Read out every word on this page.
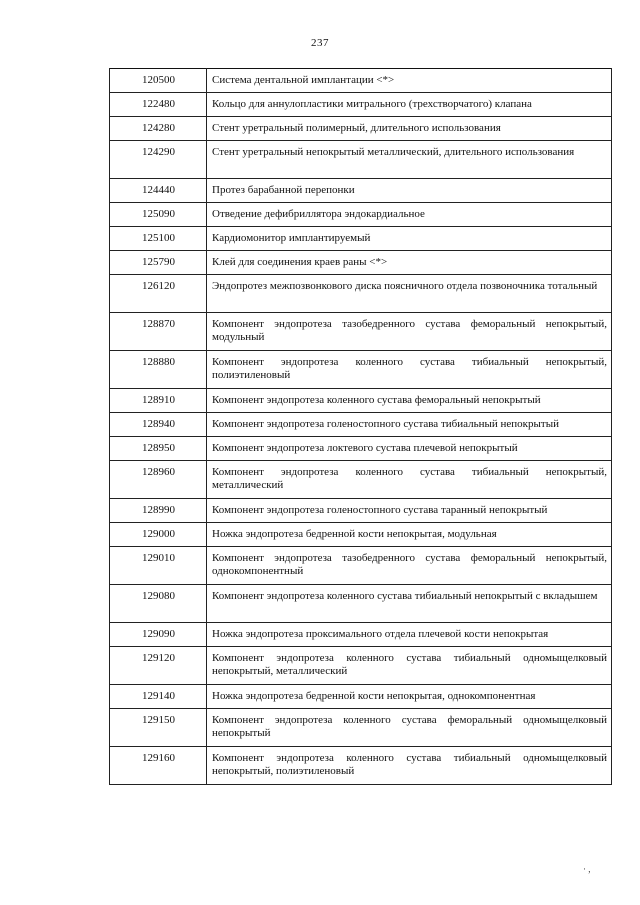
237
120500	Система дентальной имплантации <*>
122480	Кольцо для аннулопластики митрального (трехстворчатого) клапана
124280	Стент уретральный полимерный, длительного использования
124290	Стент уретральный непокрытый металлический, длительного использования
124440	Протез барабанной перепонки
125090	Отведение дефибриллятора эндокардиальное
125100	Кардиомонитор имплантируемый
125790	Клей для соединения краев раны <*>
126120	Эндопротез межпозвонкового диска поясничного отдела позвоночника тотальный
128870	Компонент эндопротеза тазобедренного сустава феморальный непокрытый, модульный
128880	Компонент эндопротеза коленного сустава тибиальный непокрытый, полиэтиленовый
128910	Компонент эндопротеза коленного сустава феморальный непокрытый
128940	Компонент эндопротеза голеностопного сустава тибиальный непокрытый
128950	Компонент эндопротеза локтевого сустава плечевой непокрытый
128960	Компонент эндопротеза коленного сустава тибиальный непокрытый, металлический
128990	Компонент эндопротеза голеностопного сустава таранный непокрытый
129000	Ножка эндопротеза бедренной кости непокрытая, модульная
129010	Компонент эндопротеза тазобедренного сустава феморальный непокрытый, однокомпонентный
129080	Компонент эндопротеза коленного сустава тибиальный непокрытый с вкладышем
129090	Ножка эндопротеза проксимального отдела плечевой кости непокрытая
129120	Компонент эндопротеза коленного сустава тибиальный одномыщелковый непокрытый, металлический
129140	Ножка эндопротеза бедренной кости непокрытая, однокомпонентная
129150	Компонент эндопротеза коленного сустава феморальный одномыщелковый непокрытый
129160	Компонент эндопротеза коленного сустава тибиальный одномыщелковый непокрытый, полиэтиленовый
· ,
